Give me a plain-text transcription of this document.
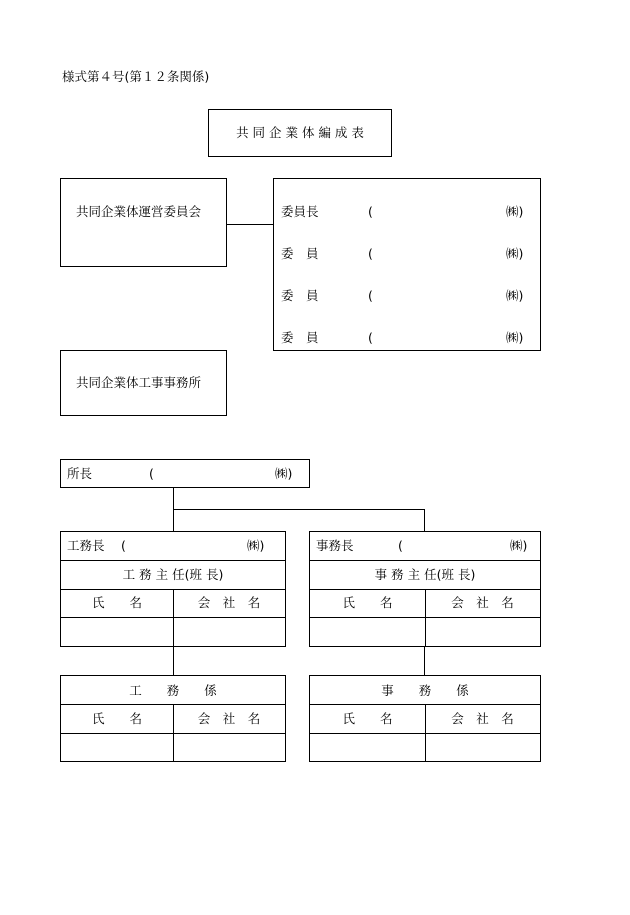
様式第４号(第１２条関係)
共 同 企 業 体 編 成 表
共同企業体運営委員会	委員長	(	㈱)
委　員	(	㈱)
委　員	(	㈱)
委　員	(	㈱)
共同企業体工事事務所
所長	(	㈱)
工務長 (	㈱)
工 務 主 任(班 長)
氏　　名	会　社　名
工　　務　　係
氏　　名	会　社　名
事務長	(	㈱)
事 務 主 任(班 長)
氏　　名	会　社　名
事　　務　　係
氏　　名	会　社　名
